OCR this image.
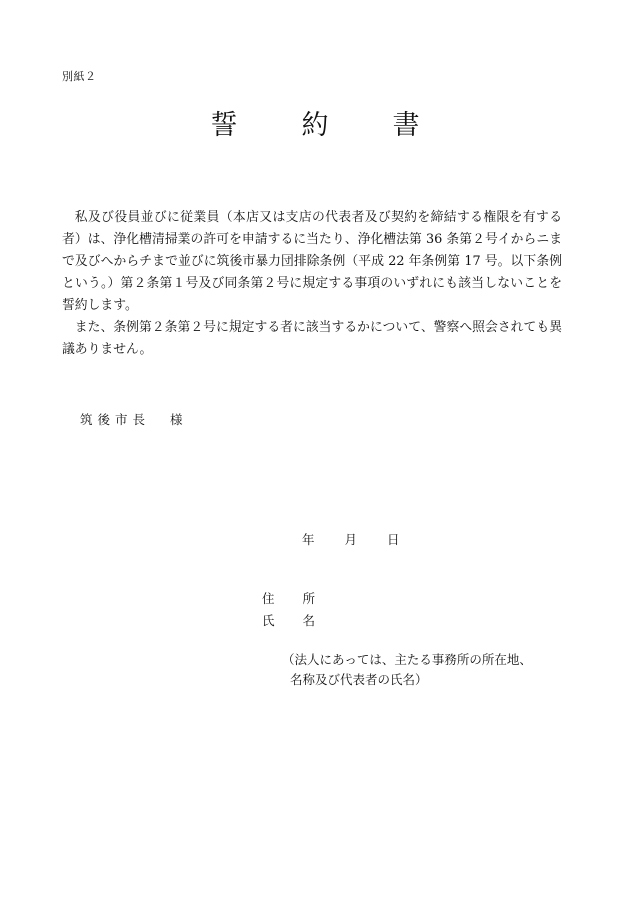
別紙２
誓 約 書

私及び役員並びに従業員（本店又は支店の代表者及び契約を締結する権限を有する者）は、浄化槽清掃業の許可を申請するに当たり、浄化槽法第 36 条第２号イからニまで及びへからチまで並びに筑後市暴力団排除条例（平成 22 年条例第 17 号。以下条例という。）第２条第１号及び同条第２号に規定する事項のいずれにも該当しないことを誓約します。

また、条例第２条第２号に規定する者に該当するかについて、警察へ照会されても異議ありません。

筑後市長 様
年 月 日
住 所
氏 名
（法人にあっては、主たる事務所の所在地、
名称及び代表者の氏名）
